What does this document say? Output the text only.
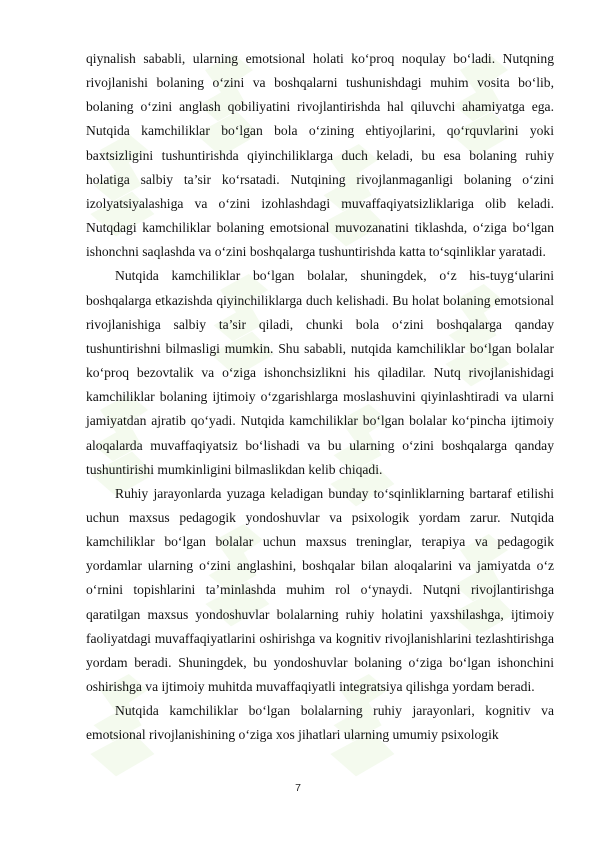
qiynalish sababli, ularning emotsional holati ko‘proq noqulay bo‘ladi. Nutqning rivojlanishi bolaning o‘zini va boshqalarni tushunishdagi muhim vosita bo‘lib, bolaning o‘zini anglash qobiliyatini rivojlantirishda hal qiluvchi ahamiyatga ega. Nutqida kamchiliklar bo‘lgan bola o‘zining ehtiyojlarini, qo‘rquvlarini yoki baxtsizligini tushuntirishda qiyinchiliklarga duch keladi, bu esa bolaning ruhiy holatiga salbiy ta’sir ko‘rsatadi. Nutqining rivojlanmaganligi bolaning o‘zini izolyatsiyalashiga va o‘zini izohlashdagi muvaffaqiyatsizliklariga olib keladi. Nutqdagi kamchiliklar bolaning emotsional muvozanatini tiklashda, o‘ziga bo‘lgan ishonchni saqlashda va o‘zini boshqalarga tushuntirishda katta to‘sqinliklar yaratadi.

Nutqida kamchiliklar bo‘lgan bolalar, shuningdek, o‘z his-tuyg‘ularini boshqalarga etkazishda qiyinchiliklarga duch kelishadi. Bu holat bolaning emotsional rivojlanishiga salbiy ta’sir qiladi, chunki bola o‘zini boshqalarga qanday tushuntirishni bilmasligi mumkin. Shu sababli, nutqida kamchiliklar bo‘lgan bolalar ko‘proq bezovtalik va o‘ziga ishonchsizlikni his qiladilar. Nutq rivojlanishidagi kamchiliklar bolaning ijtimoiy o‘zgarishlarga moslashuvini qiyinlashtiradi va ularni jamiyatdan ajratib qo‘yadi. Nutqida kamchiliklar bo‘lgan bolalar ko‘pincha ijtimoiy aloqalarda muvaffaqiyatsiz bo‘lishadi va bu ularning o‘zini boshqalarga qanday tushuntirishi mumkinligini bilmaslikdan kelib chiqadi.

Ruhiy jarayonlarda yuzaga keladigan bunday to‘sqinliklarning bartaraf etilishi uchun maxsus pedagogik yondoshuvlar va psixologik yordam zarur. Nutqida kamchiliklar bo‘lgan bolalar uchun maxsus treninglar, terapiya va pedagogik yordamlar ularning o‘zini anglashini, boshqalar bilan aloqalarini va jamiyatda o‘z o‘rnini topishlarini ta’minlashda muhim rol o‘ynaydi. Nutqni rivojlantirishga qaratilgan maxsus yondoshuvlar bolalarning ruhiy holatini yaxshilashga, ijtimoiy faoliyatdagi muvaffaqiyatlarini oshirishga va kognitiv rivojlanishlarini tezlashtirishga yordam beradi. Shuningdek, bu yondoshuvlar bolaning o‘ziga bo‘lgan ishonchini oshirishga va ijtimoiy muhitda muvaffaqiyatli integratsiya qilishga yordam beradi.

Nutqida kamchiliklar bo‘lgan bolalarning ruhiy jarayonlari, kognitiv va emotsional rivojlanishining o‘ziga xos jihatlari ularning umumiy psixologik

7
